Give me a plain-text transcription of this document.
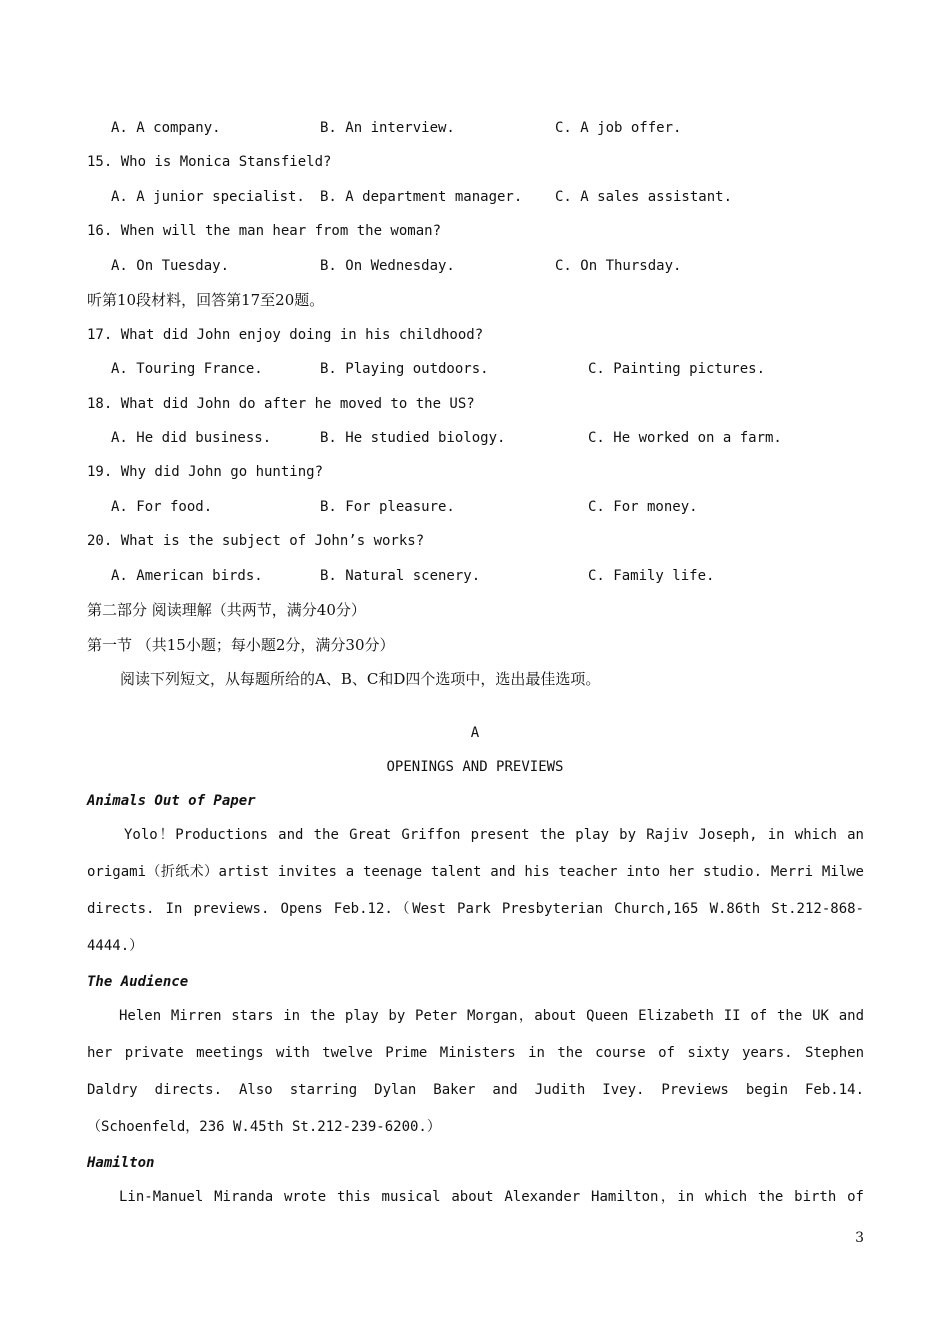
A. A company.	B. An interview.	C. A job offer.
15. Who is Monica Stansfield?
A. A junior specialist. B. A department manager. C. A sales assistant.
16. When will the man hear from the woman?
A. On Tuesday.	B. On Wednesday.	C. On Thursday.
听第10段材料，回答第17至20题。
17. What did John enjoy doing in his childhood?
A. Touring France.	B. Playing outdoors.	C. Painting pictures.
18. What did John do after he moved to the US?
A. He did business.	B. He studied biology.	C. He worked on a farm.
19. Why did John go hunting?
A. For food.	B. For pleasure.	C. For money.
20. What is the subject of John’s works?
A. American birds.	B. Natural scenery.	C. Family life.
第二部分 阅读理解（共两节，满分40分）
第一节 （共15小题；每小题2分，满分30分）
阅读下列短文，从每题所给的A、B、C和D四个选项中，选出最佳选项。
A
OPENINGS AND PREVIEWS
Animals Out of Paper
Yolo！Productions and the Great Griffon present the play by Rajiv Joseph, in which an origami（折纸术）artist invites a teenage talent and his teacher into her studio. Merri Milwe directs. In previews. Opens Feb.12.（West Park Presbyterian Church,165 W.86th St.212-868-4444.）
The Audience
Helen Mirren stars in the play by Peter Morgan，about Queen Elizabeth II of the UK and her private meetings with twelve Prime Ministers in the course of sixty years. Stephen Daldry directs. Also starring Dylan Baker and Judith Ivey. Previews begin Feb.14.（Schoenfeld，236 W.45th St.212-239-6200.）
Hamilton
Lin-Manuel Miranda wrote this musical about Alexander Hamilton，in which the birth of
3
